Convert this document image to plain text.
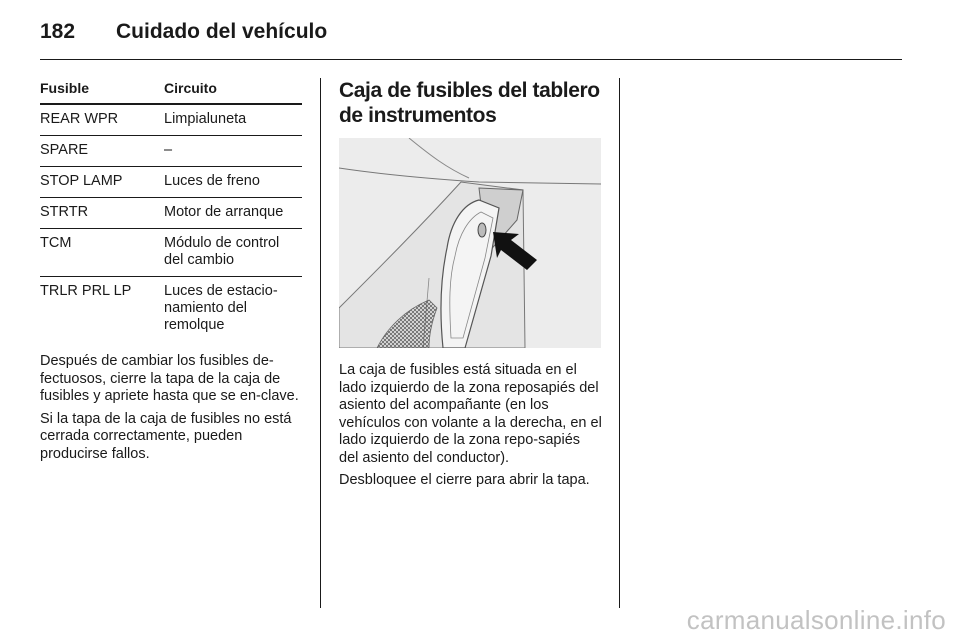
182 Cuidado del vehículo
Fusible	Circuito
REAR WPR	Limpialuneta
SPARE	–
STOP LAMP	Luces de freno
STRTR	Motor de arranque
TCM	Módulo de control del cambio
TRLR PRL LP	Luces de estacio-namiento del remolque

Después de cambiar los fusibles de-fectuosos, cierre la tapa de la caja de fusibles y apriete hasta que se en-clave.

Si la tapa de la caja de fusibles no está cerrada correctamente, pueden producirse fallos.

Caja de fusibles del tablero de instrumentos

La caja de fusibles está situada en el lado izquierdo de la zona reposapiés del asiento del acompañante (en los vehículos con volante a la derecha, en el lado izquierdo de la zona repo-sapiés del asiento del conductor).

Desbloquee el cierre para abrir la tapa.

carmanualsonline.info
